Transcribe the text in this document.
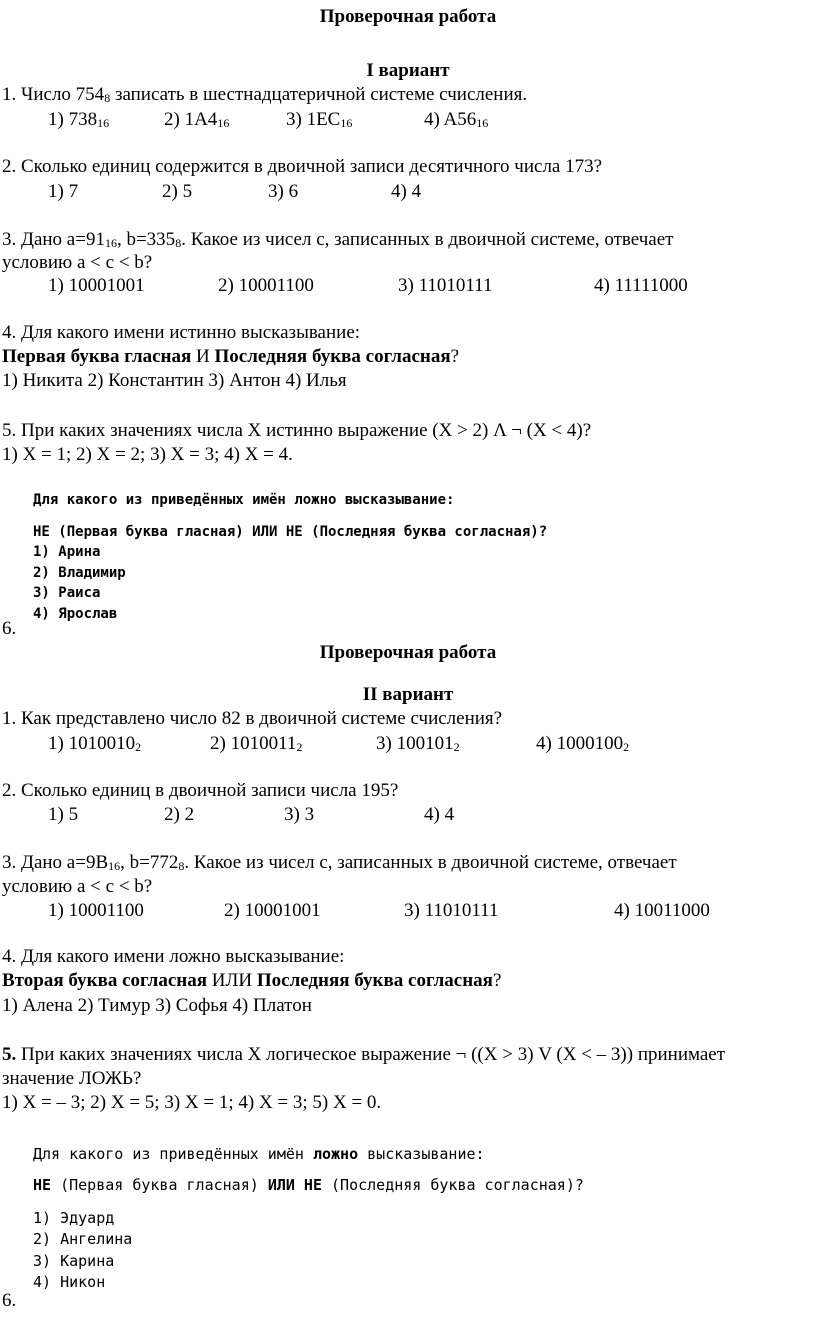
Проверочная работа
I вариант
1. Число $754_8$ записать в шестнадцатеричной системе счисления.
1) $738_{16}$	2) $1A4_{16}$	3) $1EC_{16}$	4) $A56_{16}$
2. Сколько единиц содержится в двоичной записи десятичного числа 173?
1) 7	2) 5	3) 6	4) 4
3. Дано $a=91_{16}$, $b=335_8$. Какое из чисел с, записанных в двоичной системе, отвечает
условию a < c < b?
1) 10001001	2) 10001100	3) 11010111	4) 11111000
4. Для какого имени истинно высказывание:
Первая буква гласная И Последняя буква согласная?
1) Никита 2) Константин 3) Антон 4) Илья
5. При каких значениях числа X истинно выражение (X > 2) Λ ¬ (X < 4)?
1) X = 1; 2) X = 2; 3) X = 3; 4) X = 4.
Для какого из приведённых имён ложно высказывание:
НЕ (Первая буква гласная) ИЛИ НЕ (Последняя буква согласная)?
1) Арина
2) Владимир
3) Раиса
4) Ярослав
6.
Проверочная работа
II вариант
1. Как представлено число 82 в двоичной системе счисления?
1) $1010010_2$	2) $1010011_2$	3) $100101_2$	4) $1000100_2$
2. Сколько единиц в двоичной записи числа 195?
1) 5	2) 2	3) 3	4) 4
3. Дано $a=9B_{16}$, $b=772_8$. Какое из чисел с, записанных в двоичной системе, отвечает
условию a < c < b?
1) 10001100	2) 10001001	3) 11010111	4) 10011000
4. Для какого имени ложно высказывание:
Вторая буква согласная ИЛИ Последняя буква согласная?
1) Алена 2) Тимур 3) Софья 4) Платон
5. При каких значениях числа X логическое выражение ¬ ((X > 3) V (X < – 3)) принимает
значение ЛОЖЬ?
1) X = – 3; 2) X = 5; 3) X = 1; 4) X = 3; 5) X = 0.
Для какого из приведённых имён ложно высказывание:
НЕ (Первая буква гласная) ИЛИ НЕ (Последняя буква согласная)?
1) Эдуард
2) Ангелина
3) Карина
4) Никон
6.
